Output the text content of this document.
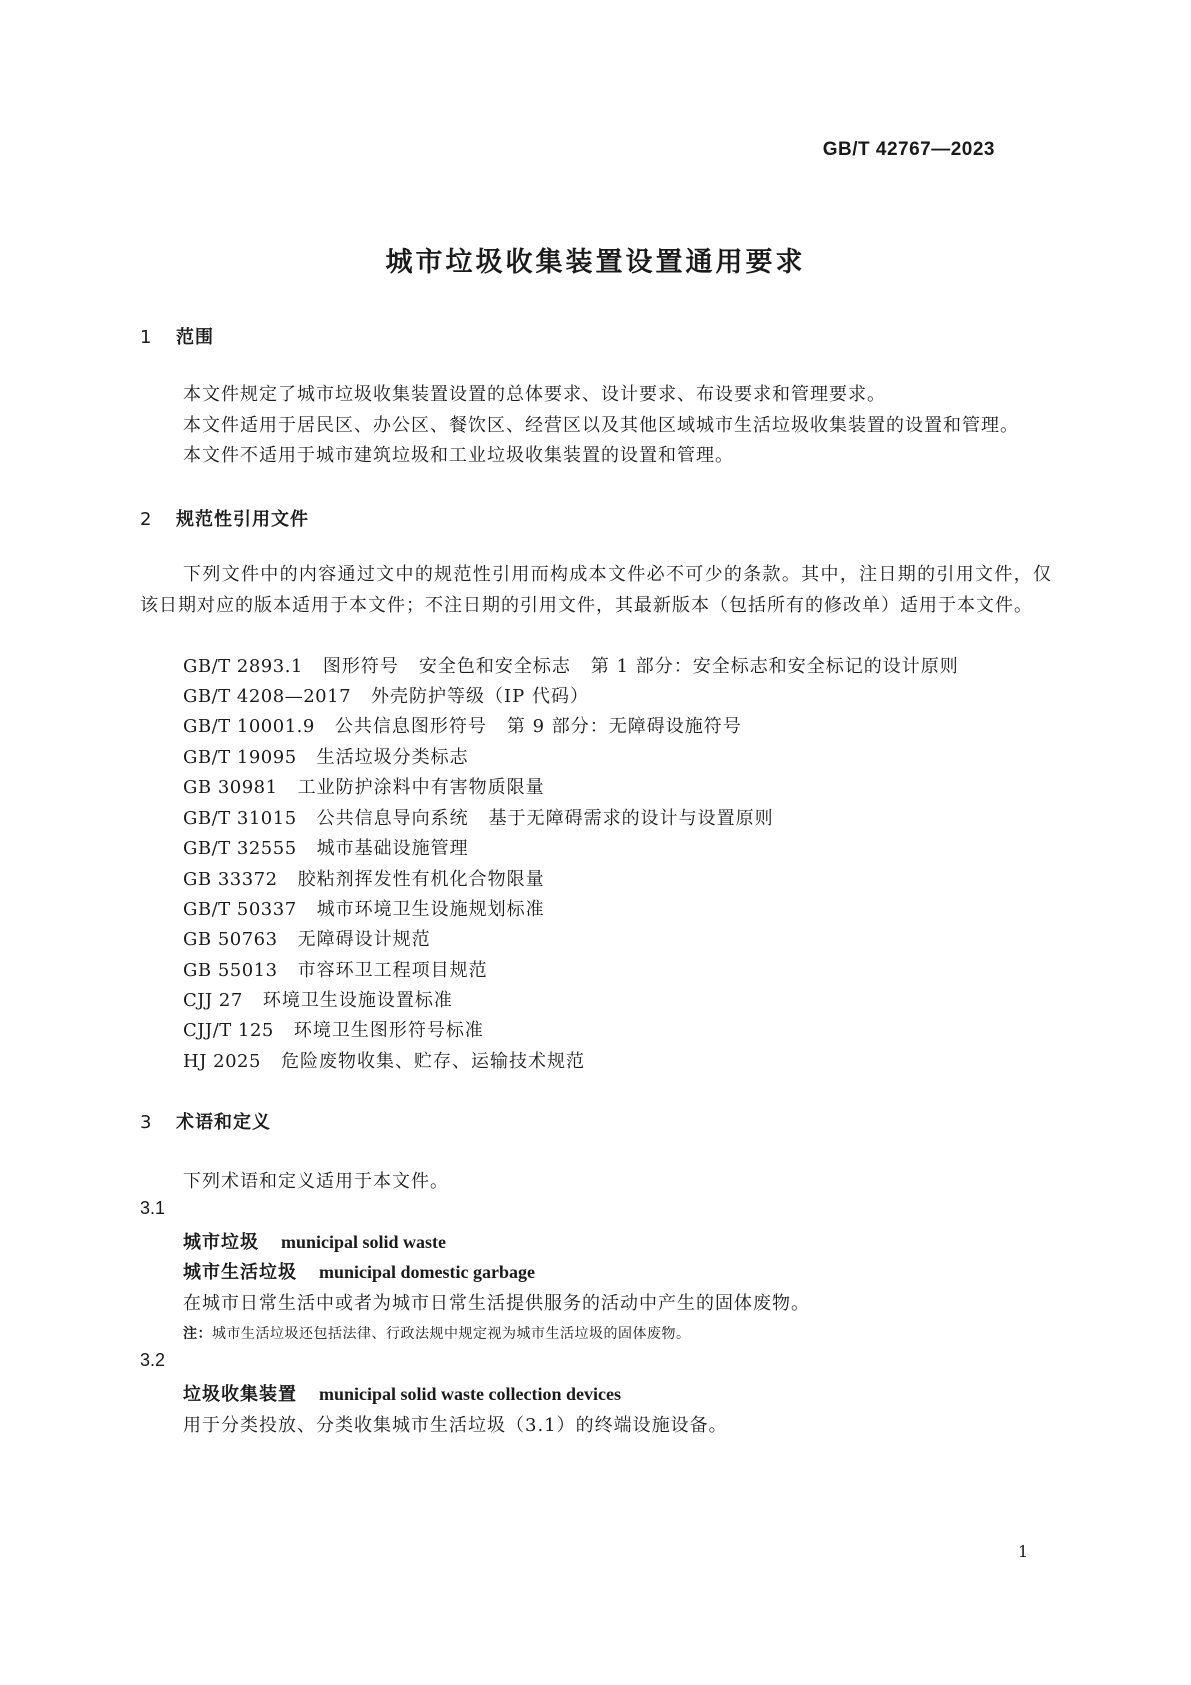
GB/T 42767—2023
城市垃圾收集装置设置通用要求
1 范围
本文件规定了城市垃圾收集装置设置的总体要求、设计要求、布设要求和管理要求。
本文件适用于居民区、办公区、餐饮区、经营区以及其他区域城市生活垃圾收集装置的设置和管理。
本文件不适用于城市建筑垃圾和工业垃圾收集装置的设置和管理。
2 规范性引用文件
下列文件中的内容通过文中的规范性引用而构成本文件必不可少的条款。其中，注日期的引用文件，仅该日期对应的版本适用于本文件；不注日期的引用文件，其最新版本（包括所有的修改单）适用于本文件。
GB/T 2893.1 图形符号 安全色和安全标志 第 1 部分：安全标志和安全标记的设计原则
GB/T 4208—2017 外壳防护等级（IP 代码）
GB/T 10001.9 公共信息图形符号 第 9 部分：无障碍设施符号
GB/T 19095 生活垃圾分类标志
GB 30981 工业防护涂料中有害物质限量
GB/T 31015 公共信息导向系统 基于无障碍需求的设计与设置原则
GB/T 32555 城市基础设施管理
GB 33372 胶粘剂挥发性有机化合物限量
GB/T 50337 城市环境卫生设施规划标准
GB 50763 无障碍设计规范
GB 55013 市容环卫工程项目规范
CJJ 27 环境卫生设施设置标准
CJJ/T 125 环境卫生图形符号标准
HJ 2025 危险废物收集、贮存、运输技术规范
3 术语和定义
下列术语和定义适用于本文件。
3.1
城市垃圾 municipal solid waste
城市生活垃圾 municipal domestic garbage
在城市日常生活中或者为城市日常生活提供服务的活动中产生的固体废物。
注：城市生活垃圾还包括法律、行政法规中规定视为城市生活垃圾的固体废物。
3.2
垃圾收集装置 municipal solid waste collection devices
用于分类投放、分类收集城市生活垃圾（3.1）的终端设施设备。
1
